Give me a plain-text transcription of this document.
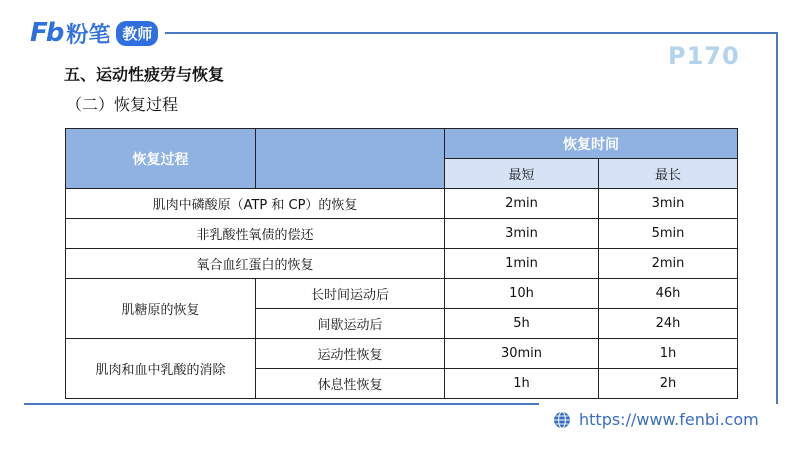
Fb 粉笔 教师
P170
五、运动性疲劳与恢复
（二）恢复过程
恢复过程		恢复时间	
		最短	最长
肌肉中磷酸原（ATP 和 CP）的恢复		2min	3min
非乳酸性氧债的偿还		3min	5min
氧合血红蛋白的恢复		1min	2min
肌糖原的恢复	长时间运动后	10h	46h
	间歇运动后	5h	24h
肌肉和血中乳酸的消除	运动性恢复	30min	1h
	休息性恢复	1h	2h
https://www.fenbi.com
